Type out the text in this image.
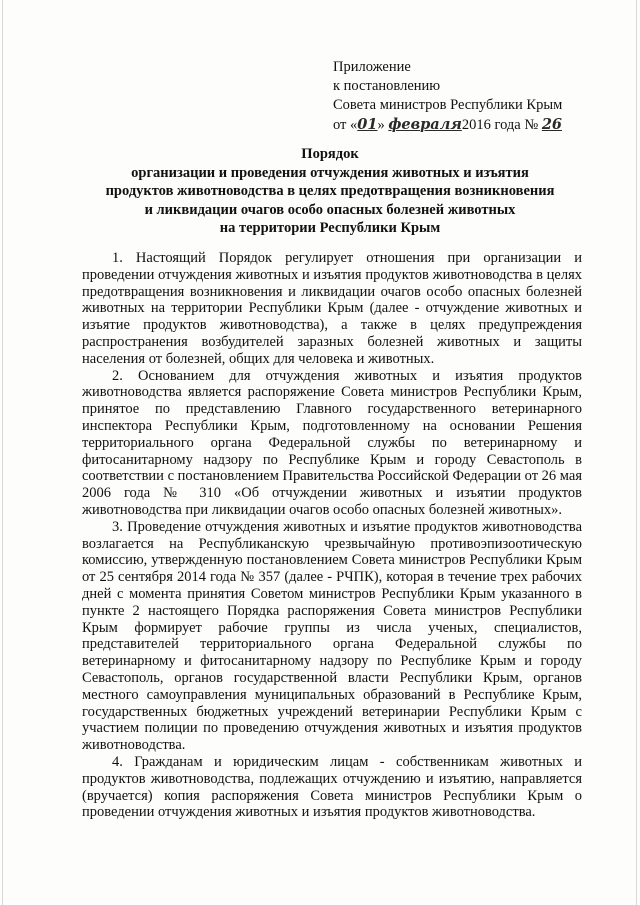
Приложение
к постановлению
Совета министров Республики Крым
от «01» февраля2016 года № 26
Порядок
организации и проведения отчуждения животных и изъятия
продуктов животноводства в целях предотвращения возникновения
и ликвидации очагов особо опасных болезней животных
на территории Республики Крым

1. Настоящий Порядок регулирует отношения при организации и проведении отчуждения животных и изъятия продуктов животноводства в целях предотвращения возникновения и ликвидации очагов особо опасных болезней животных на территории Республики Крым (далее - отчуждение животных и изъятие продуктов животноводства), а также в целях предупреждения распространения возбудителей заразных болезней животных и защиты населения от болезней, общих для человека и животных.

2. Основанием для отчуждения животных и изъятия продуктов животноводства является распоряжение Совета министров Республики Крым, принятое по представлению Главного государственного ветеринарного инспектора Республики Крым, подготовленному на основании Решения территориального органа Федеральной службы по ветеринарному и фитосанитарному надзору по Республике Крым и городу Севастополь в соответствии с постановлением Правительства Российской Федерации от 26 мая 2006 года № 310 «Об отчуждении животных и изъятии продуктов животноводства при ликвидации очагов особо опасных болезней животных».

3. Проведение отчуждения животных и изъятие продуктов животноводства возлагается на Республиканскую чрезвычайную противоэпизоотическую комиссию, утвержденную постановлением Совета министров Республики Крым от 25 сентября 2014 года № 357 (далее - РЧПК), которая в течение трех рабочих дней с момента принятия Советом министров Республики Крым указанного в пункте 2 настоящего Порядка распоряжения Совета министров Республики Крым формирует рабочие группы из числа ученых, специалистов, представителей территориального органа Федеральной службы по ветеринарному и фитосанитарному надзору по Республике Крым и городу Севастополь, органов государственной власти Республики Крым, органов местного самоуправления муниципальных образований в Республике Крым, государственных бюджетных учреждений ветеринарии Республики Крым с участием полиции по проведению отчуждения животных и изъятия продуктов животноводства.

4. Гражданам и юридическим лицам - собственникам животных и продуктов животноводства, подлежащих отчуждению и изъятию, направляется (вручается) копия распоряжения Совета министров Республики Крым о проведении отчуждения животных и изъятия продуктов животноводства.
